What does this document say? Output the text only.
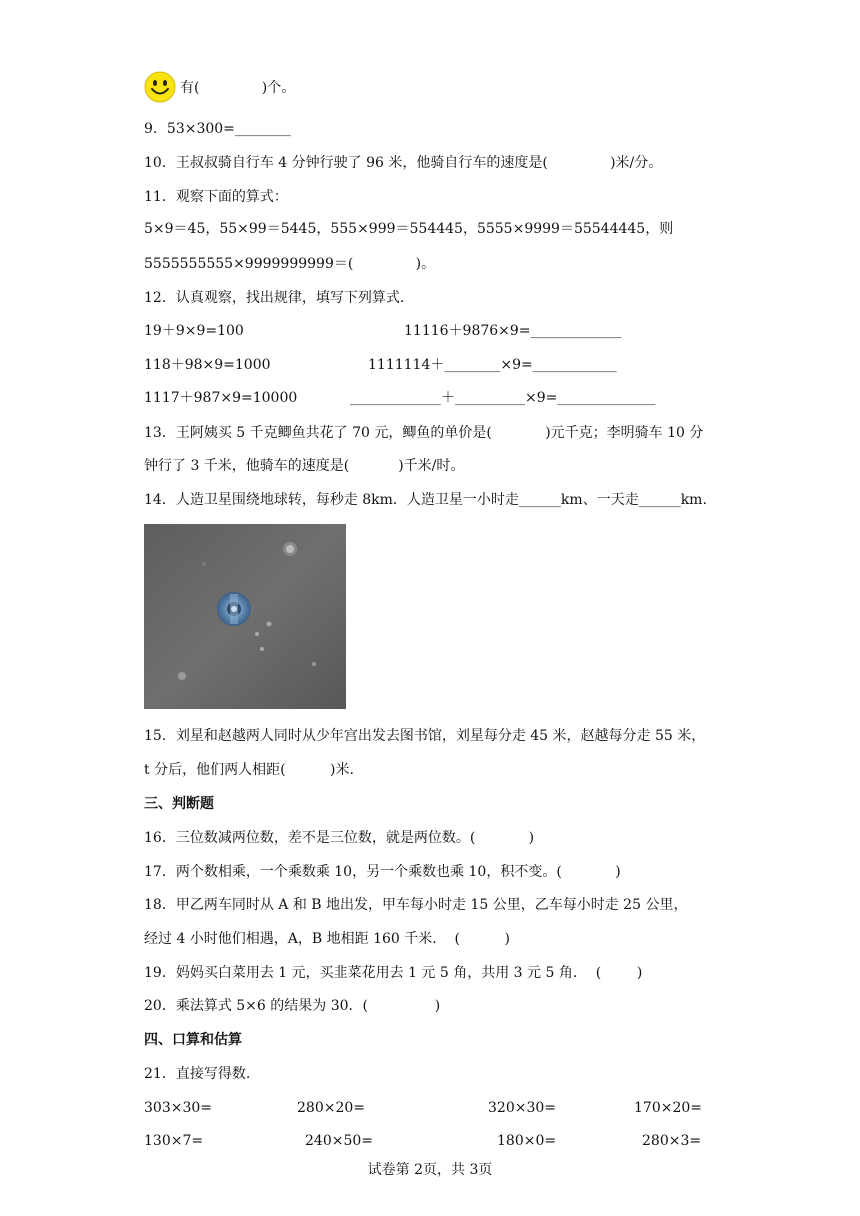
有(              )个。
9．53×300=________
10．王叔叔骑自行车 4 分钟行驶了 96 米，他骑自行车的速度是(              )米/分。
11．观察下面的算式：
5×9＝45，55×99＝5445，555×999＝554445，5555×9999＝55544445，则
5555555555×9999999999＝(              )。
12．认真观察，找出规律，填写下列算式.
19＋9×9=100	11116＋9876×9=_____________
118＋98×9=1000	1111114＋________×9=____________
1117＋987×9=10000	_____________＋__________×9=______________
13．王阿姨买 5 千克鲫鱼共花了 70 元，鲫鱼的单价是(            )元千克；李明骑车 10 分
钟行了 3 千米，他骑车的速度是(           )千米/时。
14．人造卫星围绕地球转，每秒走 8km．人造卫星一小时走______km、一天走______km.
15．刘星和赵越两人同时从少年宫出发去图书馆，刘星每分走 45 米，赵越每分走 55 米，
t 分后，他们两人相距(          )米.
三、判断题
16．三位数减两位数，差不是三位数，就是两位数。(            )
17．两个数相乘，一个乘数乘 10，另一个乘数也乘 10，积不变。(            )
18．甲乙两车同时从 A 和 B 地出发，甲车每小时走 15 公里，乙车每小时走 25 公里，
经过 4 小时他们相遇，A，B 地相距 160 千米.    (          )
19．妈妈买白菜用去 1 元，买韭菜花用去 1 元 5 角，共用 3 元 5 角．  (        )
20．乘法算式 5×6 的结果为 30．(               )
四、口算和估算
21．直接写得数.
303×30=	280×20=	320×30=	170×20=
130×7=	240×50=	180×0=	280×3=
试卷第 2页，共 3页
